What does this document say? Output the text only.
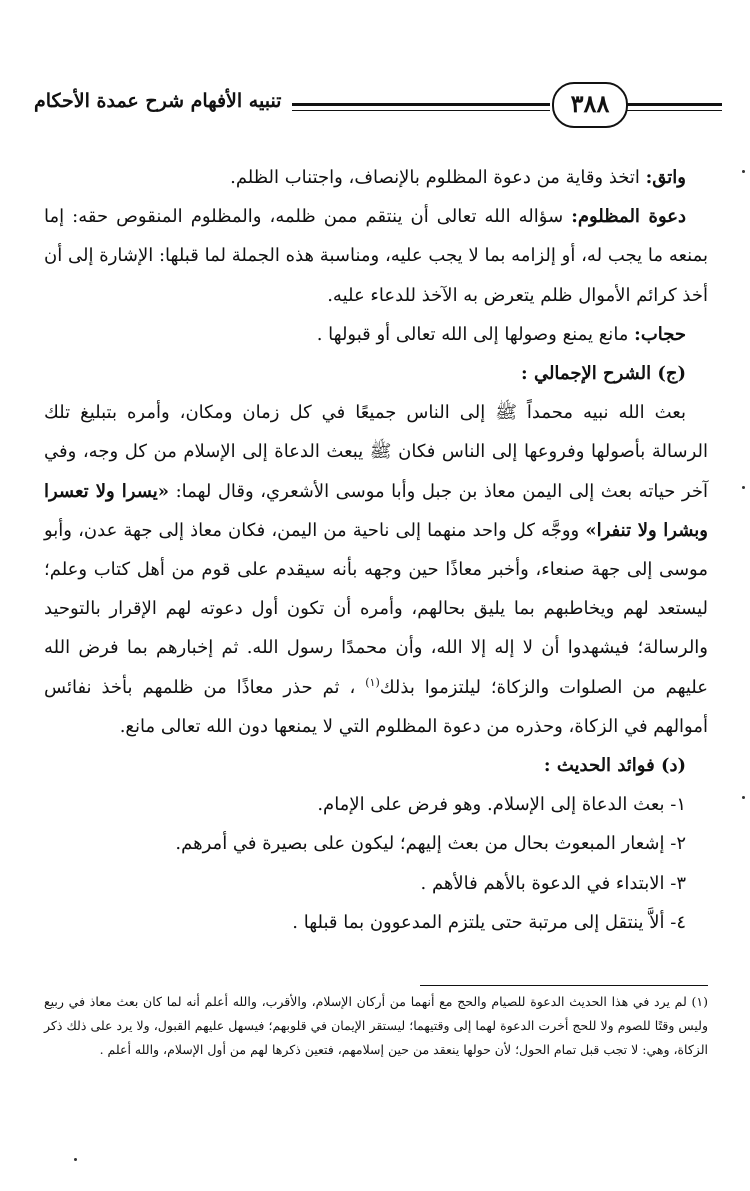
تنبيه الأفهام شرح عمدة الأحكام	٣٨٨

واتق: اتخذ وقاية من دعوة المظلوم بالإنصاف، واجتناب الظلم.

دعوة المظلوم: سؤاله الله تعالى أن ينتقم ممن ظلمه، والمظلوم المنقوص حقه: إما بمنعه ما يجب له، أو إلزامه بما لا يجب عليه، ومناسبة هذه الجملة لما قبلها: الإشارة إلى أن أخذ كرائم الأموال ظلم يتعرض به الآخذ للدعاء عليه.

حجاب: مانع يمنع وصولها إلى الله تعالى أو قبولها .

(ج) الشرح الإجمالي :

بعث الله نبيه محمداً ﷺ إلى الناس جميعًا في كل زمان ومكان، وأمره بتبليغ تلك الرسالة بأصولها وفروعها إلى الناس فكان ﷺ يبعث الدعاة إلى الإسلام من كل وجه، وفي آخر حياته بعث إلى اليمن معاذ بن جبل وأبا موسى الأشعري، وقال لهما: «يسرا ولا تعسرا وبشرا ولا تنفرا» ووجَّه كل واحد منهما إلى ناحية من اليمن، فكان معاذ إلى جهة عدن، وأبو موسى إلى جهة صنعاء، وأخبر معاذًا حين وجهه بأنه سيقدم على قوم من أهل كتاب وعلم؛ ليستعد لهم ويخاطبهم بما يليق بحالهم، وأمره أن تكون أول دعوته لهم الإقرار بالتوحيد والرسالة؛ فيشهدوا أن لا إله إلا الله، وأن محمدًا رسول الله. ثم إخبارهم بما فرض الله عليهم من الصلوات والزكاة؛ ليلتزموا بذلك$^{(١)}$ ، ثم حذر معاذًا من ظلمهم بأخذ نفائس أموالهم في الزكاة، وحذره من دعوة المظلوم التي لا يمنعها دون الله تعالى مانع.

(د) فوائد الحديث :

١- بعث الدعاة إلى الإسلام. وهو فرض على الإمام.
٢- إشعار المبعوث بحال من بعث إليهم؛ ليكون على بصيرة في أمرهم.
٣- الابتداء في الدعوة بالأهم فالأهم .
٤- ألاَّ ينتقل إلى مرتبة حتى يلتزم المدعوون بما قبلها .

(١) لم يرد في هذا الحديث الدعوة للصيام والحج مع أنهما من أركان الإسلام، والأقرب، والله أعلم أنه لما كان بعث معاذ في ربيع وليس وقتًا للصوم ولا للحج أخرت الدعوة لهما إلى وقتيهما؛ ليستقر الإيمان في قلوبهم؛ فيسهل عليهم القبول، ولا يرد على ذلك ذكر الزكاة، وهي: لا تجب قبل تمام الحول؛ لأن حولها ينعقد من حين إسلامهم، فتعين ذكرها لهم من أول الإسلام، والله أعلم .
